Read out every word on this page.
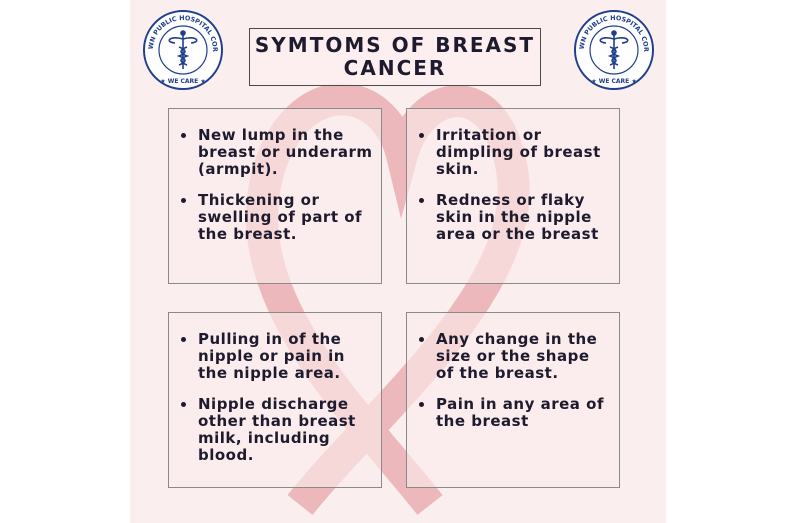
WN PUBLIC HOSPITAL COR
★ WE CARE ★
WN PUBLIC HOSPITAL COR
★ WE CARE ★
SYMTOMS OF BREAST
CANCER
New lump in the breast or underarm (armpit).
Thickening or swelling of part of the breast.
Irritation or dimpling of breast skin.
Redness or flaky skin in the nipple area or the breast
Pulling in of the nipple or pain in the nipple area.
Nipple discharge other than breast milk, including blood.
Any change in the size or the shape of the breast.
Pain in any area of the breast
